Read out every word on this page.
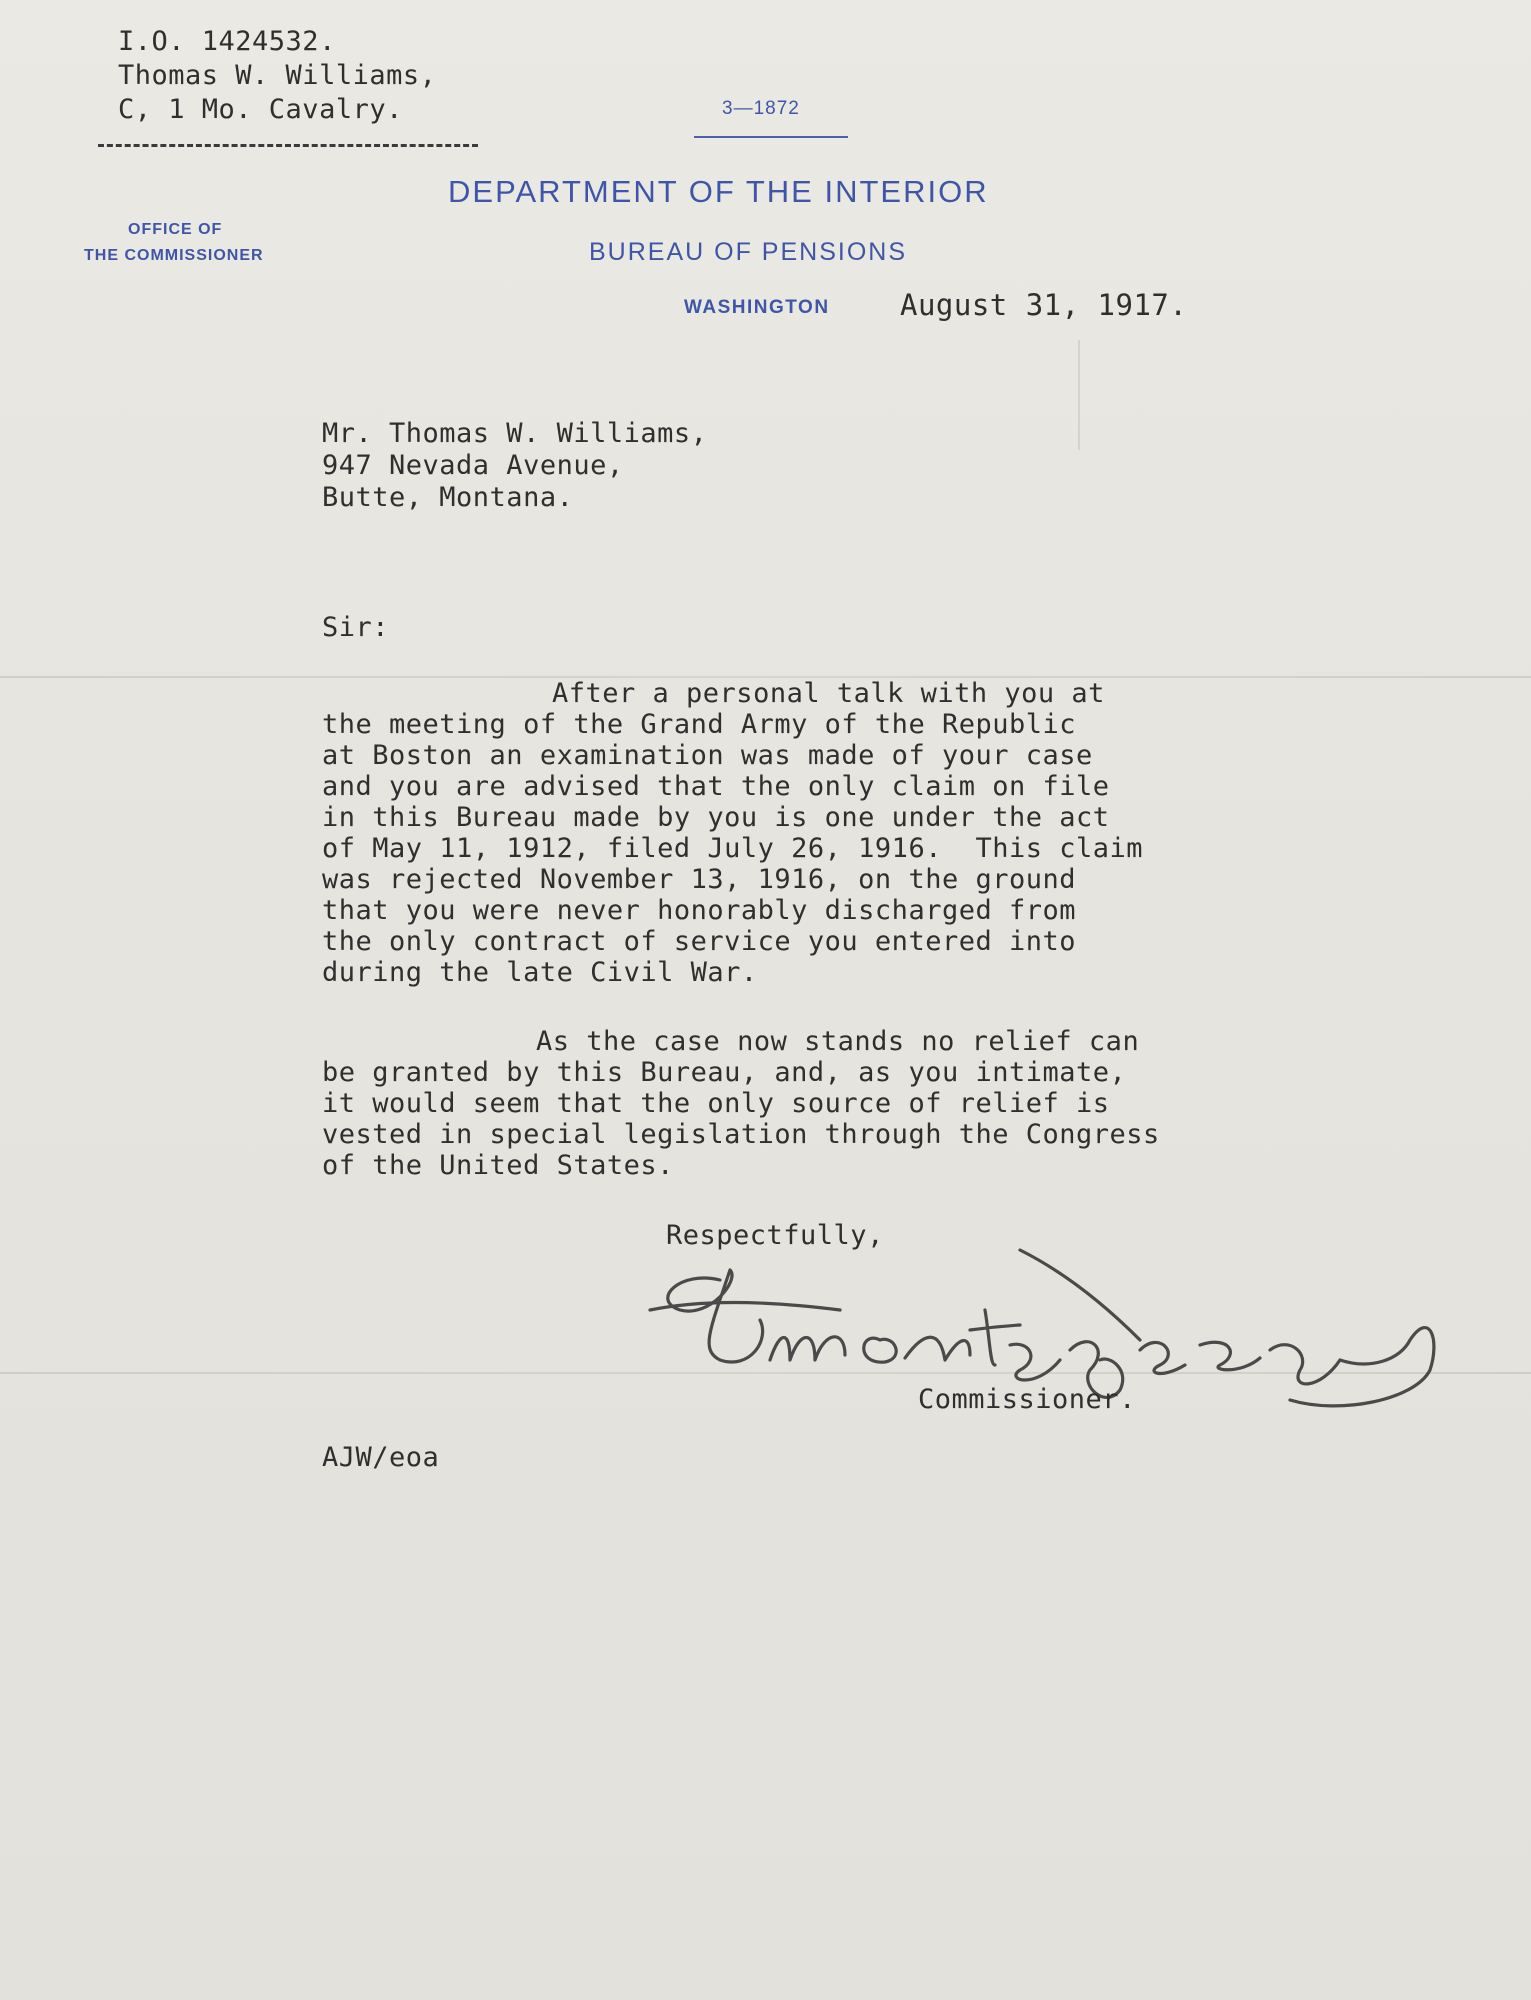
I.O. 1424532.

Thomas W. Williams,

C, 1 Mo. Cavalry.	3—1872

DEPARTMENT OF THE INTERIOR

BUREAU OF PENSIONS

OFFICE OF

THE COMMISSIONER

WASHINGTON August 31, 1917.

Mr. Thomas W. Williams,

947 Nevada Avenue,

Butte, Montana.

Sir:

After a personal talk with you at

the meeting of the Grand Army of the Republic

at Boston an examination was made of your case

and you are advised that the only claim on file

in this Bureau made by you is one under the act

of May 11, 1912, filed July 26, 1916.  This claim

was rejected November 13, 1916, on the ground

that you were never honorably discharged from

the only contract of service you entered into

during the late Civil War.

As the case now stands no relief can

be granted by this Bureau, and, as you intimate,

it would seem that the only source of relief is

vested in special legislation through the Congress

of the United States.

Respectfully,

Commissioner.

AJW/eoa
